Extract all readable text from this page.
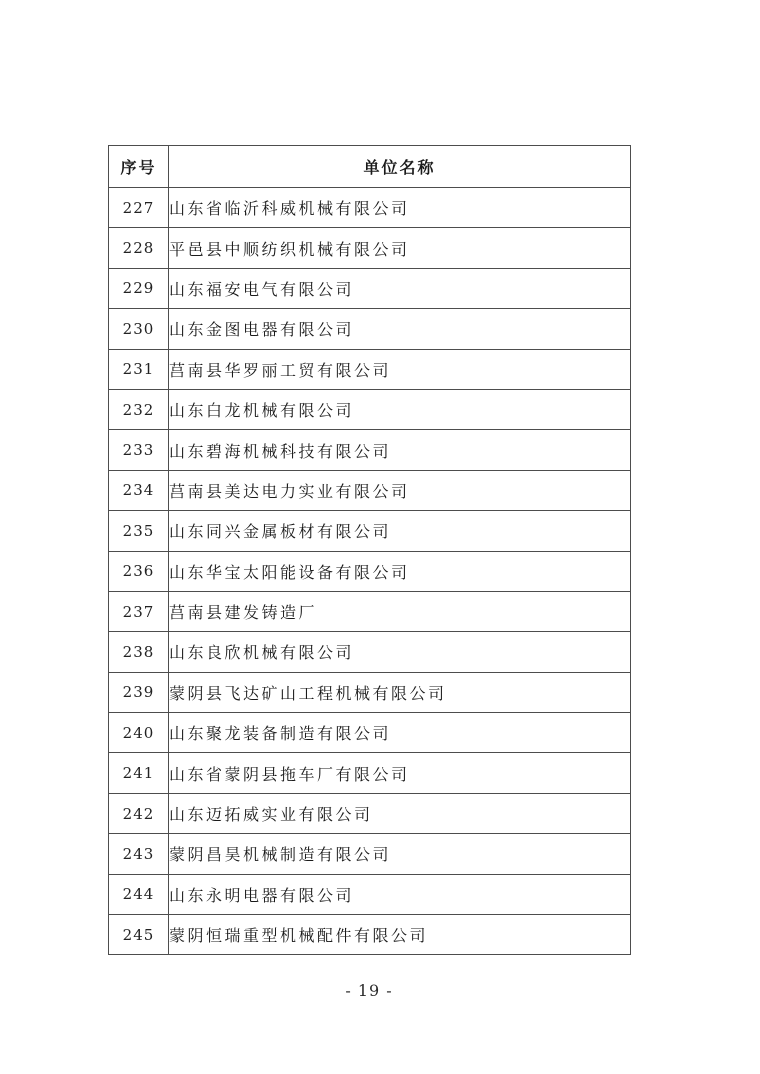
序号	单位名称
227	山东省临沂科威机械有限公司
228	平邑县中顺纺织机械有限公司
229	山东福安电气有限公司
230	山东金图电器有限公司
231	莒南县华罗丽工贸有限公司
232	山东白龙机械有限公司
233	山东碧海机械科技有限公司
234	莒南县美达电力实业有限公司
235	山东同兴金属板材有限公司
236	山东华宝太阳能设备有限公司
237	莒南县建发铸造厂
238	山东良欣机械有限公司
239	蒙阴县飞达矿山工程机械有限公司
240	山东聚龙装备制造有限公司
241	山东省蒙阴县拖车厂有限公司
242	山东迈拓威实业有限公司
243	蒙阴昌昊机械制造有限公司
244	山东永明电器有限公司
245	蒙阴恒瑞重型机械配件有限公司
- 19 -
